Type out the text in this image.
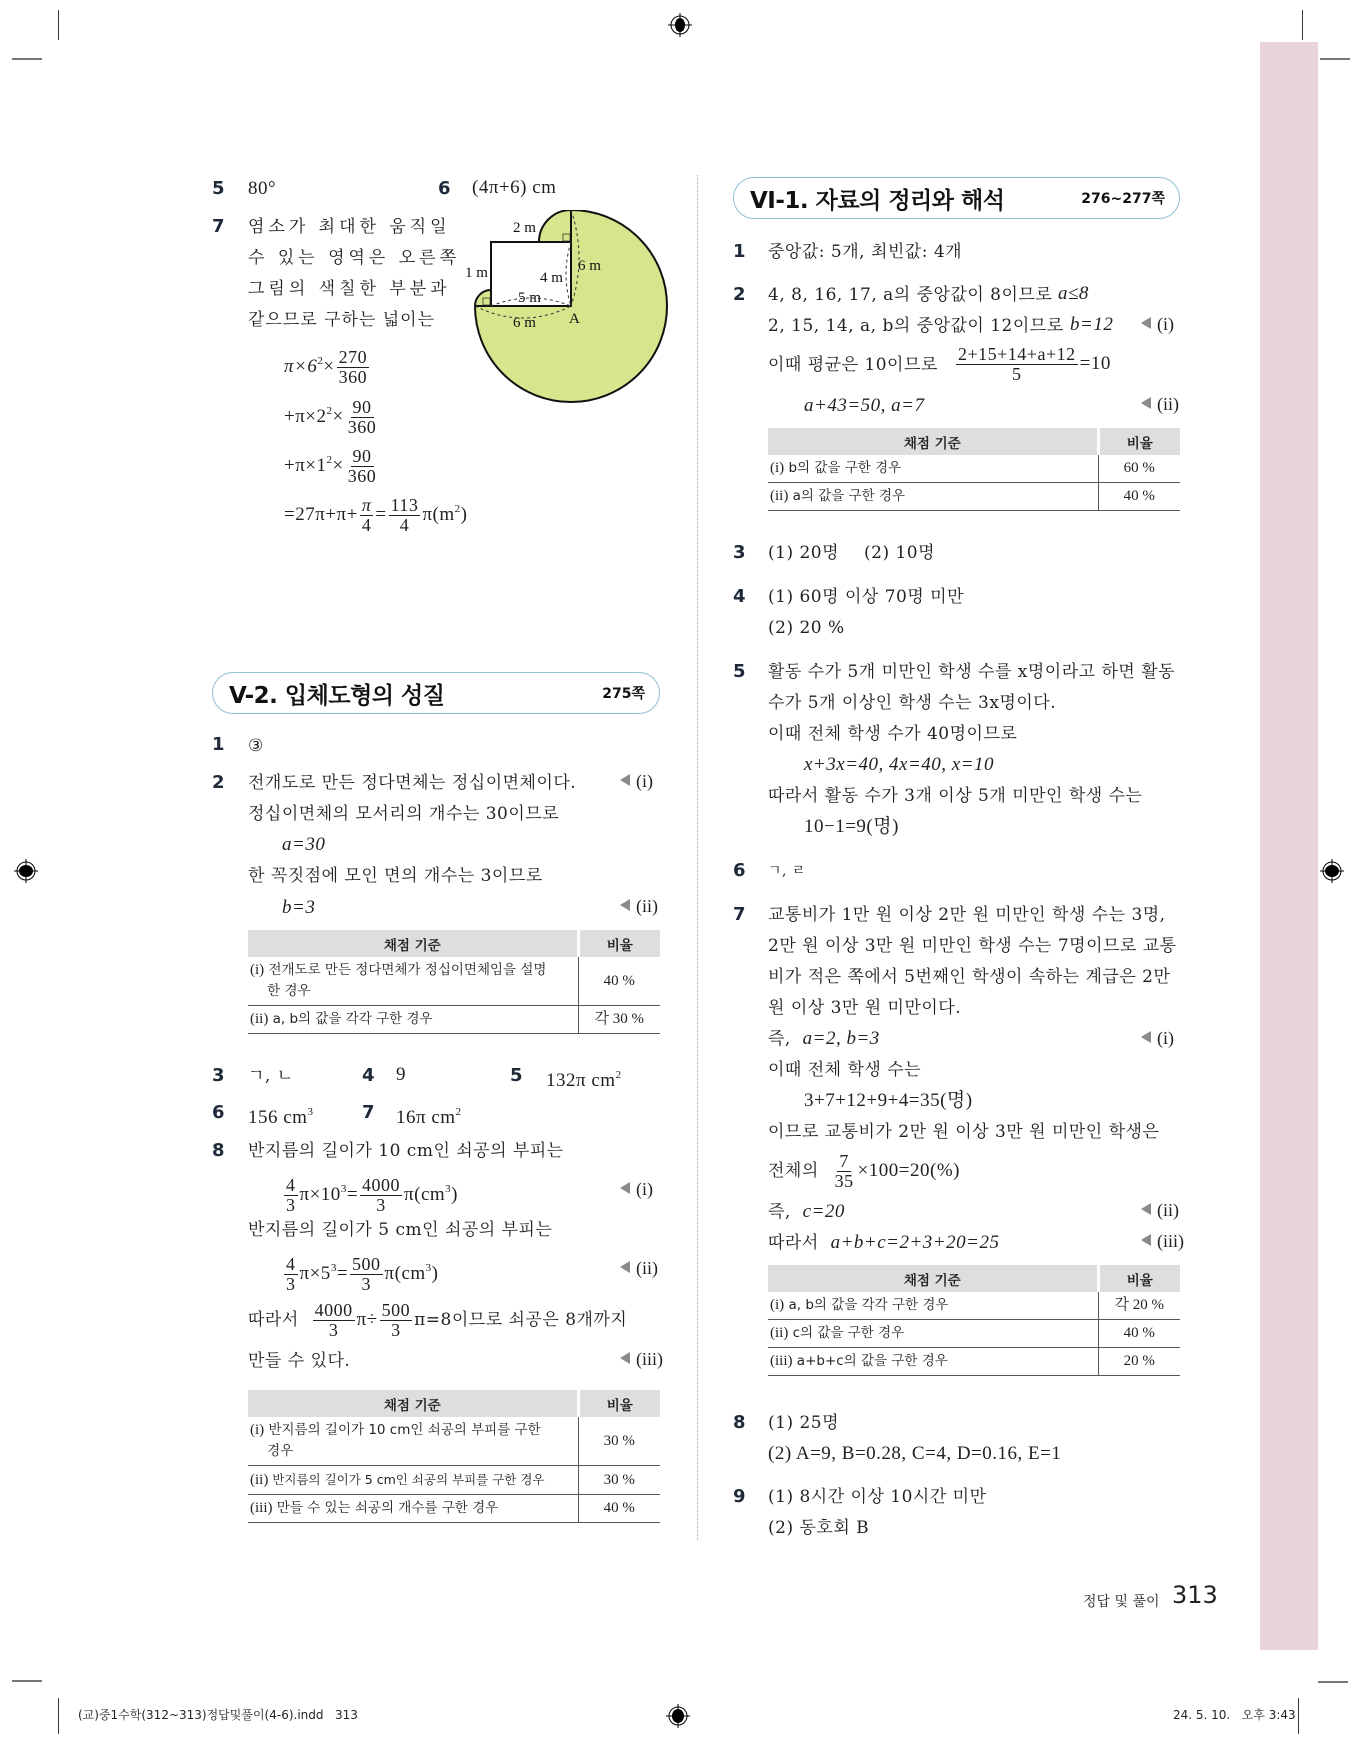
5 80°	6 (4π+6) cm
7 염소가 최대한 움직일
수 있는 영역은 오른쪽
그림의 색칠한 부분과
같으므로 구하는 넓이는
$\pi\times 6^2\times \frac{270}{360}$
$+\pi\times 2^2\times \frac{90}{360}$
$+\pi\times 1^2\times \frac{90}{360}$
$=27\pi+\pi+ \frac{\pi}{4} = \frac{113}{4} \pi(m^2)$
2 m
1 m	4 m
6 m
5 m
6 m A
V-2. 입체도형의 성질	275쪽
1 ③
2 전개도로 만든 정다면체는 정십이면체이다.	(i)
정십이면체의 모서리의 개수는 30이므로
a=30
한 꼭짓점에 모인 면의 개수는 3이므로
b=3	(ii)
채점 기준	비율
(i) 전개도로 만든 정다면체가 정십이면체임을 설명
한 경우	40 %
(ii) a, b의 값을 각각 구한 경우	각 30 %
3 ㄱ, ㄴ	4 9	5 132π $cm^2$
6 156 $cm^3$	7 16π $cm^2$
8 반지름의 길이가 10 cm인 쇠공의 부피는
$\frac{4}{3} \pi\times 10^3= \frac{4000}{3} \pi(cm^3)$	(i)
반지름의 길이가 5 cm인 쇠공의 부피는
$\frac{4}{3} \pi\times 5^3= \frac{500}{3} \pi(cm^3)$	(ii)
따라서 $\frac{4000}{3} \pi\div \frac{500}{3} \pi=8$이므로 쇠공은 8개까지
만들 수 있다.	(iii)
채점 기준	비율
(i) 반지름의 길이가 10 cm인 쇠공의 부피를 구한
경우	30 %
(ii) 반지름의 길이가 5 cm인 쇠공의 부피를 구한 경우	30 %
(iii) 만들 수 있는 쇠공의 개수를 구한 경우	40 %
VI-1. 자료의 정리와 해석	276~277쪽
1 중앙값: 5개, 최빈값: 4개
2 4, 8, 16, 17, a의 중앙값이 8이므로 a≤8
2, 15, 14, a, b의 중앙값이 12이므로 b=12	(i)
이때 평균은 10이므로 $\frac{2+15+14+a+12}{5} =10$
a+43=50, a=7	(ii)
채점 기준	비율
(i) b의 값을 구한 경우	60 %
(ii) a의 값을 구한 경우	40 %
3 (1) 20명 (2) 10명
4 (1) 60명 이상 70명 미만
(2) 20 %
5 활동 수가 5개 미만인 학생 수를 x명이라고 하면 활동
수가 5개 이상인 학생 수는 3x명이다.
이때 전체 학생 수가 40명이므로
x+3x=40, 4x=40, x=10
따라서 활동 수가 3개 이상 5개 미만인 학생 수는
10−1=9(명)
6 ㄱ, ㄹ
7 교통비가 1만 원 이상 2만 원 미만인 학생 수는 3명,
2만 원 이상 3만 원 미만인 학생 수는 7명이므로 교통
비가 적은 쪽에서 5번째인 학생이 속하는 계급은 2만
원 이상 3만 원 미만이다.
즉, a=2, b=3	(i)
이때 전체 학생 수는
3+7+12+9+4=35(명)
이므로 교통비가 2만 원 이상 3만 원 미만인 학생은
전체의 $\frac{7}{35} \times 100=20(\%)$
즉, c=20	(ii)
따라서 a+b+c=2+3+20=25	(iii)
채점 기준	비율
(i) a, b의 값을 각각 구한 경우	각 20 %
(ii) c의 값을 구한 경우	40 %
(iii) a+b+c의 값을 구한 경우	20 %
8 (1) 25명
(2) A=9, B=0.28, C=4, D=0.16, E=1
9 (1) 8시간 이상 10시간 미만
(2) 동호회 B
정답 및 풀이 313
(교)중1수학(312~313)정답및풀이(4-6).indd   313	24. 5. 10.   오후 3:43
